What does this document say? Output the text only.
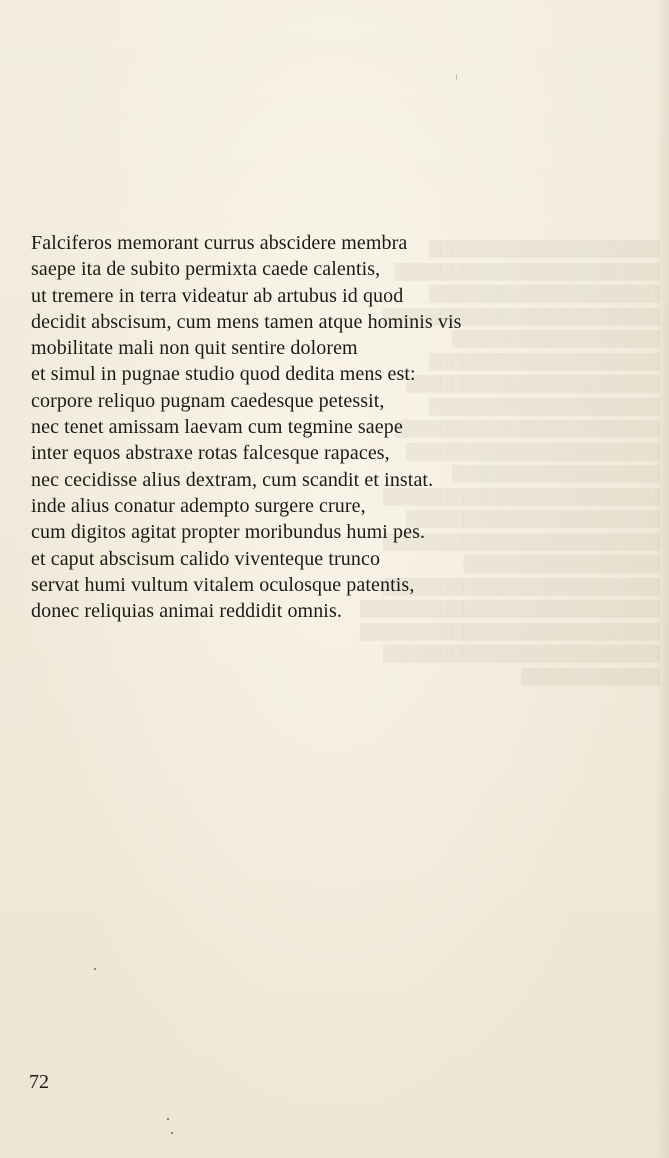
████████████████████
███████████████████████
████████████████████
████████████████████████
██████████████████
████████████████████
██████████████████████
████████████████████
███████████████████████
██████████████████████
██████████████████
████████████████████████
██████████████████████
████████████████████████
█████████████████
████████████████████████
██████████████████████████
██████████████████████████
████████████████████████
████████████
Falciferos memorant currus abscidere membra
saepe ita de subito permixta caede calentis,
ut tremere in terra videatur ab artubus id quod
decidit abscisum, cum mens tamen atque hominis vis
mobilitate mali non quit sentire dolorem
et simul in pugnae studio quod dedita mens est:
corpore reliquo pugnam caedesque petessit,
nec tenet amissam laevam cum tegmine saepe
inter equos abstraxe rotas falcesque rapaces,
nec cecidisse alius dextram, cum scandit et instat.
inde alius conatur adempto surgere crure,
cum digitos agitat propter moribundus humi pes.
et caput abscisum calido viventeque trunco
servat humi vultum vitalem oculosque patentis,
donec reliquias animai reddidit omnis.
72
